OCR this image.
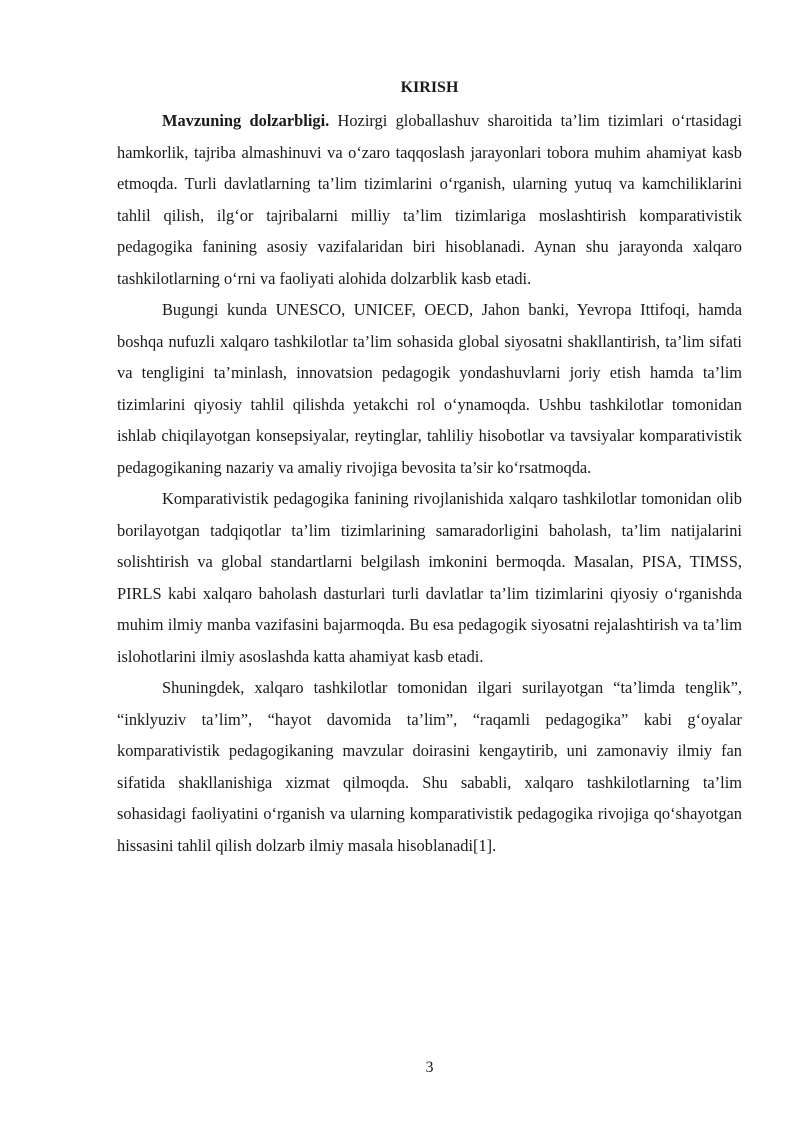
KIRISH

Mavzuning dolzarbligi. Hozirgi globallashuv sharoitida ta’lim tizimlari o‘rtasidagi hamkorlik, tajriba almashinuvi va o‘zaro taqqoslash jarayonlari tobora muhim ahamiyat kasb etmoqda. Turli davlatlarning ta’lim tizimlarini o‘rganish, ularning yutuq va kamchiliklarini tahlil qilish, ilg‘or tajribalarni milliy ta’lim tizimlariga moslashtirish komparativistik pedagogika fanining asosiy vazifalaridan biri hisoblanadi. Aynan shu jarayonda xalqaro tashkilotlarning o‘rni va faoliyati alohida dolzarblik kasb etadi.

Bugungi kunda UNESCO, UNICEF, OECD, Jahon banki, Yevropa Ittifoqi, hamda boshqa nufuzli xalqaro tashkilotlar ta’lim sohasida global siyosatni shakllantirish, ta’lim sifati va tengligini ta’minlash, innovatsion pedagogik yondashuvlarni joriy etish hamda ta’lim tizimlarini qiyosiy tahlil qilishda yetakchi rol o‘ynamoqda. Ushbu tashkilotlar tomonidan ishlab chiqilayotgan konsepsiyalar, reytinglar, tahliliy hisobotlar va tavsiyalar komparativistik pedagogikaning nazariy va amaliy rivojiga bevosita ta’sir ko‘rsatmoqda.

Komparativistik pedagogika fanining rivojlanishida xalqaro tashkilotlar tomonidan olib borilayotgan tadqiqotlar ta’lim tizimlarining samaradorligini baholash, ta’lim natijalarini solishtirish va global standartlarni belgilash imkonini bermoqda. Masalan, PISA, TIMSS, PIRLS kabi xalqaro baholash dasturlari turli davlatlar ta’lim tizimlarini qiyosiy o‘rganishda muhim ilmiy manba vazifasini bajarmoqda. Bu esa pedagogik siyosatni rejalashtirish va ta’lim islohotlarini ilmiy asoslashda katta ahamiyat kasb etadi.

Shuningdek, xalqaro tashkilotlar tomonidan ilgari surilayotgan “ta’limda tenglik”, “inklyuziv ta’lim”, “hayot davomida ta’lim”, “raqamli pedagogika” kabi g‘oyalar komparativistik pedagogikaning mavzular doirasini kengaytirib, uni zamonaviy ilmiy fan sifatida shakllanishiga xizmat qilmoqda. Shu sababli, xalqaro tashkilotlarning ta’lim sohasidagi faoliyatini o‘rganish va ularning komparativistik pedagogika rivojiga qo‘shayotgan hissasini tahlil qilish dolzarb ilmiy masala hisoblanadi[1].

3
